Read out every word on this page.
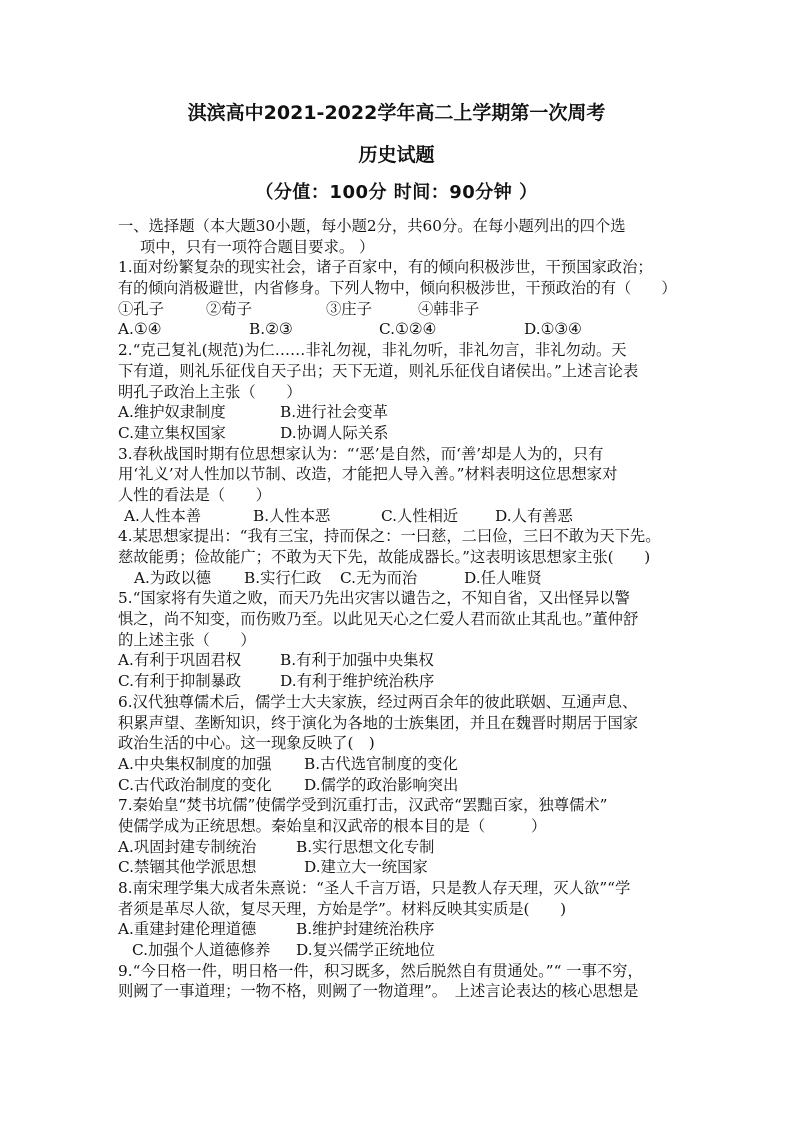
淇滨高中2021-2022学年高二上学期第一次周考
历史试题
（分值：100分 时间：90分钟 ）
一、选择题（本大题30小题，每小题2分，共60分。在每小题列出的四个选
项中，只有一项符合题目要求。 ）
1.面对纷繁复杂的现实社会，诸子百家中，有的倾向积极涉世，干预国家政治；
有的倾向消极避世，内省修身。下列人物中，倾向积极涉世，干预政治的有（　　）
①孔子	②荀子	③庄子	④韩非子
A.①④	B.②③	C.①②④	D.①③④
2.“克己复礼(规范)为仁……非礼勿视，非礼勿听，非礼勿言，非礼勿动。天
下有道，则礼乐征伐自天子出；天下无道，则礼乐征伐自诸侯出。”上述言论表
明孔子政治上主张（　　）
A.维护奴隶制度	B.进行社会变革
C.建立集权国家	D.协调人际关系
3.春秋战国时期有位思想家认为：“‘恶’是自然，而‘善’却是人为的，只有
用‘礼义’对人性加以节制、改造，才能把人导入善。”材料表明这位思想家对
人性的看法是（　　）
A.人性本善	B.人性本恶	C.人性相近	D.人有善恶
4.某思想家提出：“我有三宝，持而保之：一曰慈，二曰俭，三曰不敢为天下先。
慈故能勇；俭故能广；不敢为天下先，故能成器长。”这表明该思想家主张(　　)
A.为政以德	B.实行仁政	C.无为而治	D.任人唯贤
5.“国家将有失道之败，而天乃先出灾害以谴告之，不知自省，又出怪异以警
惧之，尚不知变，而伤败乃至。以此见天心之仁爱人君而欲止其乱也。”董仲舒
的上述主张（　　）
A.有利于巩固君权	B.有利于加强中央集权
C.有利于抑制暴政	D.有利于维护统治秩序
6.汉代独尊儒术后，儒学士大夫家族，经过两百余年的彼此联姻、互通声息、
积累声望、垄断知识，终于演化为各地的士族集团，并且在魏晋时期居于国家
政治生活的中心。这一现象反映了(　)
A.中央集权制度的加强	B.古代选官制度的变化
C.古代政治制度的变化	D.儒学的政治影响突出
7.秦始皇“焚书坑儒”使儒学受到沉重打击，汉武帝“罢黜百家，独尊儒术”
使儒学成为正统思想。秦始皇和汉武帝的根本目的是（　　　）
A.巩固封建专制统治	B.实行思想文化专制
C.禁锢其他学派思想	D.建立大一统国家
8.南宋理学集大成者朱熹说：“圣人千言万语，只是教人存天理，灭人欲”“学
者须是革尽人欲，复尽天理，方始是学”。材料反映其实质是(　　)
A.重建封建伦理道德	B.维护封建统治秩序
C.加强个人道德修养	D.复兴儒学正统地位
9.“今日格一件，明日格一件，积习既多，然后脱然自有贯通处。”“ 一事不穷，
则阙了一事道理；一物不格，则阙了一物道理”。　上述言论表达的核心思想是
